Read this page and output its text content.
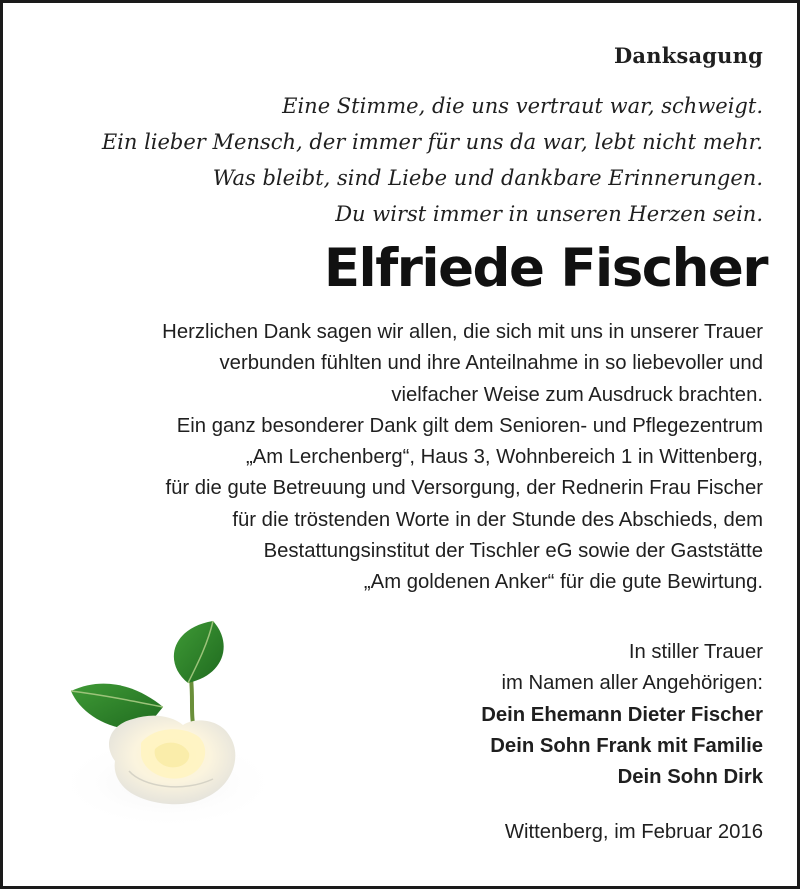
Danksagung
Eine Stimme, die uns vertraut war, schweigt.
Ein lieber Mensch, der immer für uns da war, lebt nicht mehr.
Was bleibt, sind Liebe und dankbare Erinnerungen.
Du wirst immer in unseren Herzen sein.
Elfriede Fischer
Herzlichen Dank sagen wir allen, die sich mit uns in unserer Trauer
verbunden fühlten und ihre Anteilnahme in so liebevoller und
vielfacher Weise zum Ausdruck brachten.
Ein ganz besonderer Dank gilt dem Senioren- und Pflegezentrum
„Am Lerchenberg“, Haus 3, Wohnbereich 1 in Wittenberg,
für die gute Betreuung und Versorgung, der Rednerin Frau Fischer
für die tröstenden Worte in der Stunde des Abschieds, dem
Bestattungsinstitut der Tischler eG sowie der Gaststätte
„Am goldenen Anker“ für die gute Bewirtung.
In stiller Trauer
im Namen aller Angehörigen:
Dein Ehemann Dieter Fischer
Dein Sohn Frank mit Familie
Dein Sohn Dirk
Wittenberg, im Februar 2016
